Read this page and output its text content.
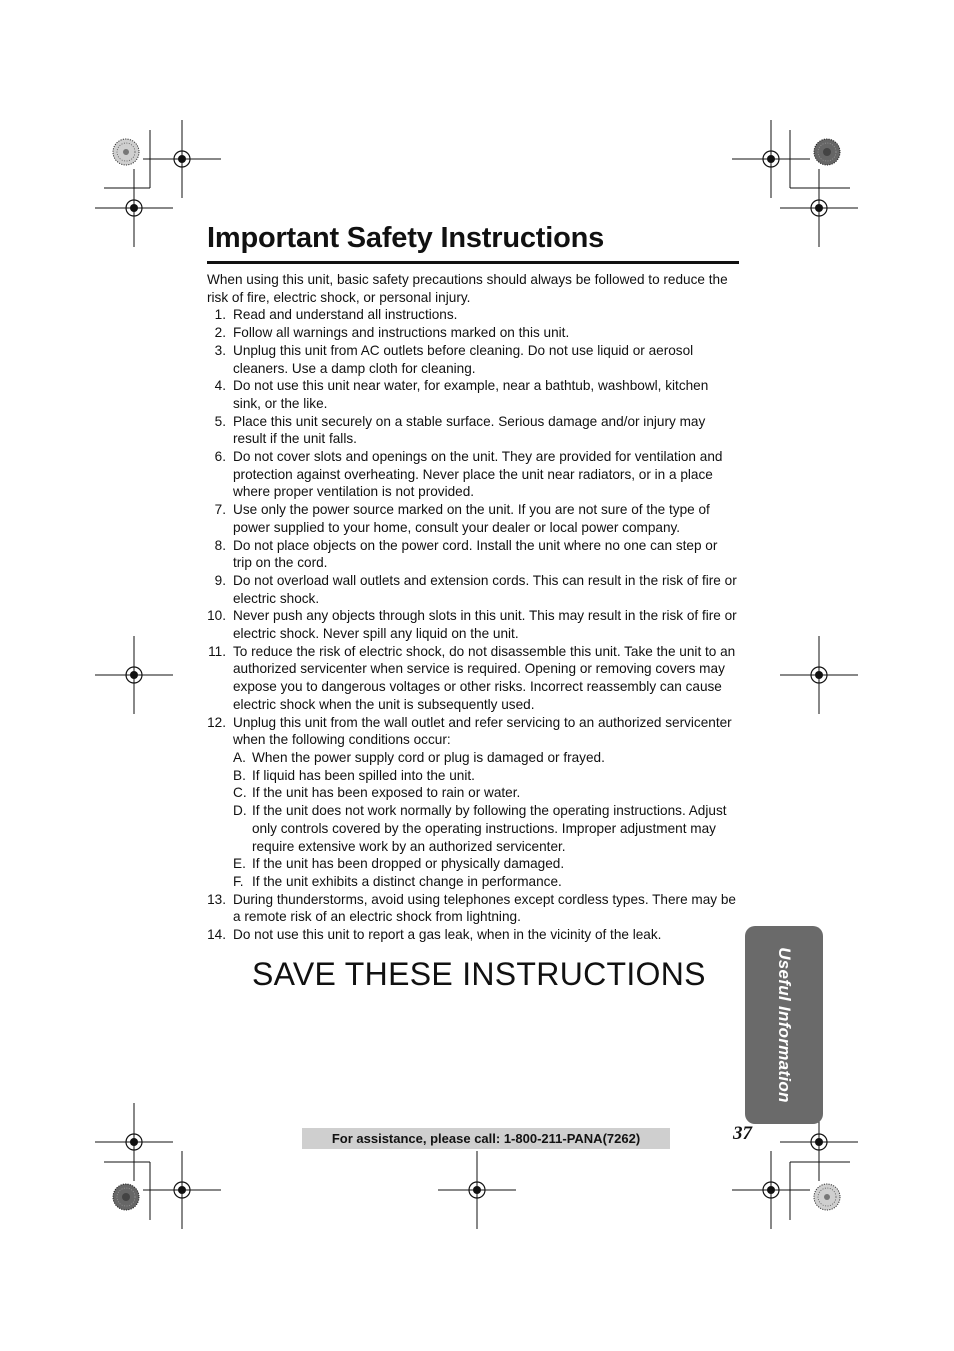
Important Safety Instructions

When using this unit, basic safety precautions should always be followed to reduce the risk of fire, electric shock, or personal injury.

1. Read and understand all instructions.
2. Follow all warnings and instructions marked on this unit.
3. Unplug this unit from AC outlets before cleaning. Do not use liquid or aerosol cleaners. Use a damp cloth for cleaning.
4. Do not use this unit near water, for example, near a bathtub, washbowl, kitchen sink, or the like.
5. Place this unit securely on a stable surface. Serious damage and/or injury may result if the unit falls.
6. Do not cover slots and openings on the unit. They are provided for ventilation and protection against overheating. Never place the unit near radiators, or in a place where proper ventilation is not provided.
7. Use only the power source marked on the unit. If you are not sure of the type of power supplied to your home, consult your dealer or local power company.
8. Do not place objects on the power cord. Install the unit where no one can step or trip on the cord.
9. Do not overload wall outlets and extension cords. This can result in the risk of fire or electric shock.
10. Never push any objects through slots in this unit. This may result in the risk of fire or electric shock. Never spill any liquid on the unit.
11. To reduce the risk of electric shock, do not disassemble this unit. Take the unit to an authorized servicenter when service is required. Opening or removing covers may expose you to dangerous voltages or other risks. Incorrect reassembly can cause electric shock when the unit is subsequently used.
12. Unplug this unit from the wall outlet and refer servicing to an authorized servicenter when the following conditions occur:
A. When the power supply cord or plug is damaged or frayed.
B. If liquid has been spilled into the unit.
C. If the unit has been exposed to rain or water.
D. If the unit does not work normally by following the operating instructions. Adjust only controls covered by the operating instructions. Improper adjustment may require extensive work by an authorized servicenter.
E. If the unit has been dropped or physically damaged.
F. If the unit exhibits a distinct change in performance.
13. During thunderstorms, avoid using telephones except cordless types. There may be a remote risk of an electric shock from lightning.
14. Do not use this unit to report a gas leak, when in the vicinity of the leak.
SAVE THESE INSTRUCTIONS	Useful Information
For assistance, please call: 1-800-211-PANA(7262)	37
